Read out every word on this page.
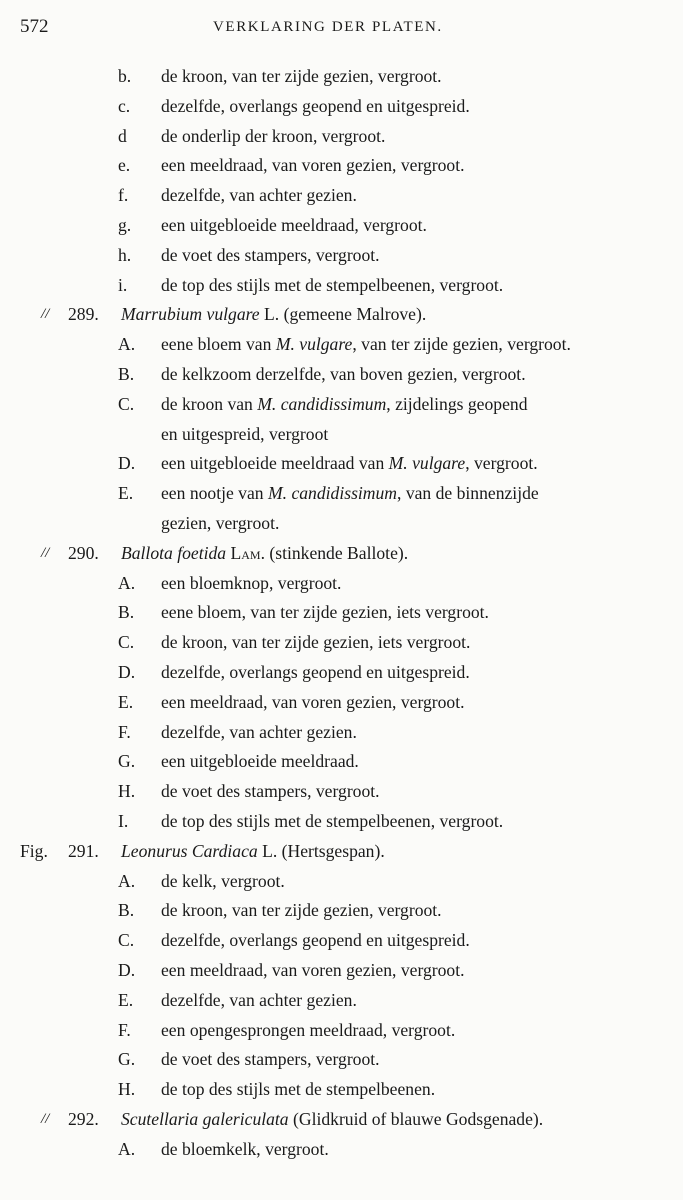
572	VERKLARING DER PLATEN.
b. de kroon, van ter zijde gezien, vergroot.
c. dezelfde, overlangs geopend en uitgespreid.
d de onderlip der kroon, vergroot.
e. een meeldraad, van voren gezien, vergroot.
f. dezelfde, van achter gezien.
g. een uitgebloeide meeldraad, vergroot.
h. de voet des stampers, vergroot.
i. de top des stijls met de stempelbeenen, vergroot.
// 289. Marrubium vulgare L. (gemeene Malrove).
A. eene bloem van M. vulgare, van ter zijde gezien, vergroot.
B. de kelkzoom derzelfde, van boven gezien, vergroot.
C. de kroon van M. candidissimum, zijdelings geopend
en uitgespreid, vergroot
D. een uitgebloeide meeldraad van M. vulgare, vergroot.
E. een nootje van M. candidissimum, van de binnenzijde
gezien, vergroot.
// 290. Ballota foetida Lam. (stinkende Ballote).
A. een bloemknop, vergroot.
B. eene bloem, van ter zijde gezien, iets vergroot.
C. de kroon, van ter zijde gezien, iets vergroot.
D. dezelfde, overlangs geopend en uitgespreid.
E. een meeldraad, van voren gezien, vergroot.
F. dezelfde, van achter gezien.
G. een uitgebloeide meeldraad.
H. de voet des stampers, vergroot.
I. de top des stijls met de stempelbeenen, vergroot.
Fig. 291. Leonurus Cardiaca L. (Hertsgespan).
A. de kelk, vergroot.
B. de kroon, van ter zijde gezien, vergroot.
C. dezelfde, overlangs geopend en uitgespreid.
D. een meeldraad, van voren gezien, vergroot.
E. dezelfde, van achter gezien.
F. een opengesprongen meeldraad, vergroot.
G. de voet des stampers, vergroot.
H. de top des stijls met de stempelbeenen.
// 292. Scutellaria galericulata (Glidkruid of blauwe Godsgenade).
A. de bloemkelk, vergroot.
